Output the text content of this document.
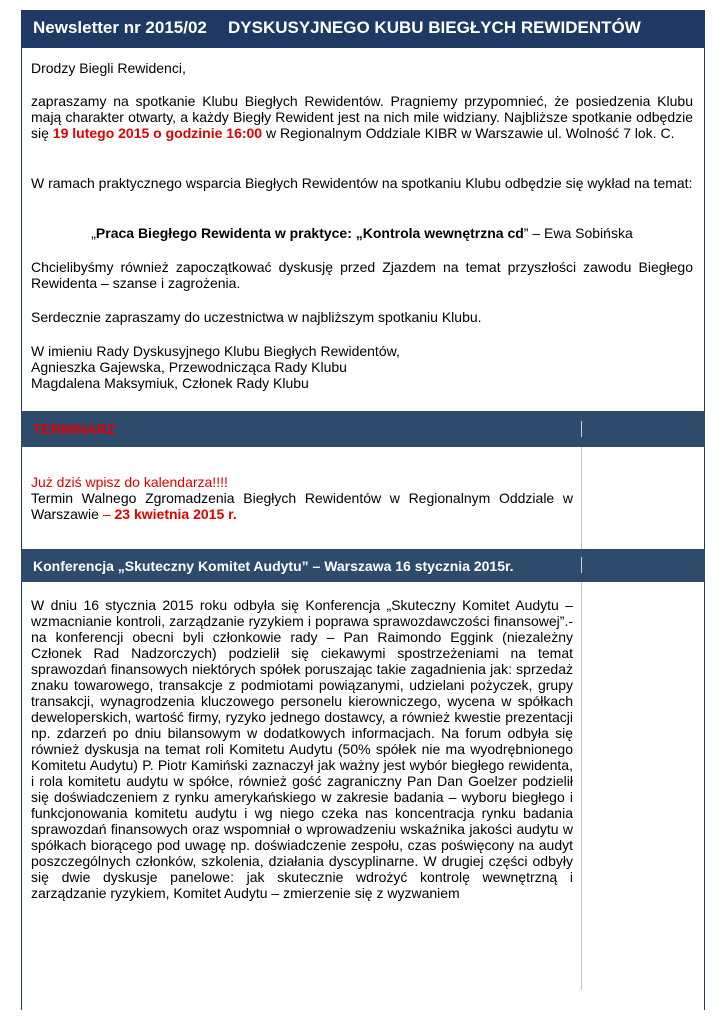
Newsletter nr 2015/02 DYSKUSYJNEGO KUBU BIEGŁYCH REWIDENTÓW
Drodzy Biegli Rewidenci,
zapraszamy na spotkanie Klubu Biegłych Rewidentów. Pragniemy przypomnieć, że posiedzenia Klubu mają charakter otwarty, a każdy Biegły Rewident jest na nich mile widziany. Najbliższe spotkanie odbędzie się 19 lutego 2015 o godzinie 16:00 w Regionalnym Oddziale KIBR w Warszawie ul. Wolność 7 lok. C.
W ramach praktycznego wsparcia Biegłych Rewidentów na spotkaniu Klubu odbędzie się wykład na temat:
„Praca Biegłego Rewidenta w praktyce: „Kontrola wewnętrzna cd” – Ewa Sobińska
Chcielibyśmy również zapoczątkować dyskusję przed Zjazdem na temat przyszłości zawodu Biegłego Rewidenta – szanse i zagrożenia.
Serdecznie zapraszamy do uczestnictwa w najbliższym spotkaniu Klubu.
W imieniu Rady Dyskusyjnego Klubu Biegłych Rewidentów,
Agnieszka Gajewska, Przewodnicząca Rady Klubu
Magdalena Maksymiuk, Członek Rady Klubu
TERMINARZ
Już dziś wpisz do kalendarza!!!!
Termin Walnego Zgromadzenia Biegłych Rewidentów w Regionalnym Oddziale w Warszawie – 23 kwietnia 2015 r.
Konferencja „Skuteczny Komitet Audytu” – Warszawa 16 stycznia 2015r.
W dniu 16 stycznia 2015 roku odbyła się Konferencja „Skuteczny Komitet Audytu – wzmacnianie kontroli, zarządzanie ryzykiem i poprawa sprawozdawczości finansowej”.- na konferencji obecni byli członkowie rady – Pan Raimondo Eggink (niezależny Członek Rad Nadzorczych) podzielił się ciekawymi spostrzeżeniami na temat sprawozdań finansowych niektórych spółek poruszając takie zagadnienia jak: sprzedaż znaku towarowego, transakcje z podmiotami powiązanymi, udzielani pożyczek, grupy transakcji, wynagrodzenia kluczowego personelu kierowniczego, wycena w spółkach deweloperskich, wartość firmy, ryzyko jednego dostawcy, a również kwestie prezentacji np. zdarzeń po dniu bilansowym w dodatkowych informacjach. Na forum odbyła się również dyskusja na temat roli Komitetu Audytu (50% spółek nie ma wyodrębnionego Komitetu Audytu) P. Piotr Kamiński zaznaczył jak ważny jest wybór biegłego rewidenta, i rola komitetu audytu w spółce, również gość zagraniczny Pan Dan Goelzer podzielił się doświadczeniem z rynku amerykańskiego w zakresie badania – wyboru biegłego i funkcjonowania komitetu audytu i wg niego czeka nas koncentracja rynku badania sprawozdań finansowych oraz wspomniał o wprowadzeniu wskaźnika jakości audytu w spółkach biorącego pod uwagę np. doświadczenie zespołu, czas poświęcony na audyt poszczególnych członków, szkolenia, działania dyscyplinarne. W drugiej części odbyły się dwie dyskusje panelowe: jak skutecznie wdrożyć kontrolę wewnętrzną i zarządzanie ryzykiem, Komitet Audytu – zmierzenie się z wyzwaniem
